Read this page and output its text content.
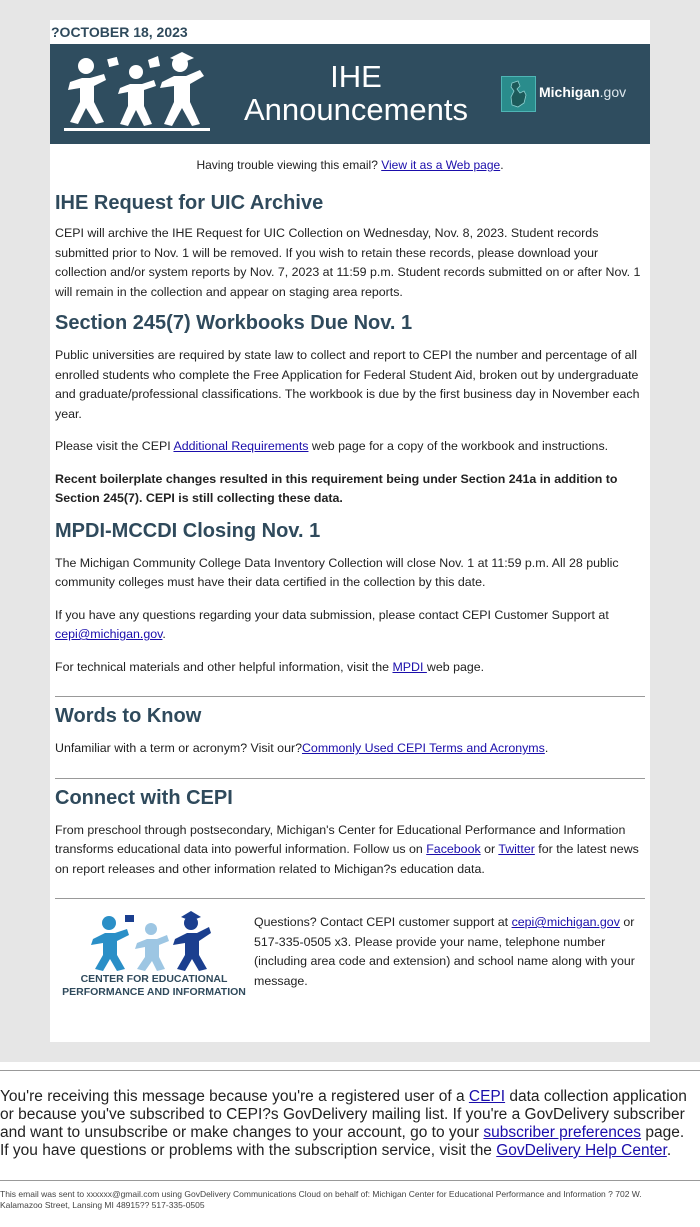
?OCTOBER 18, 2023
IHE
Announcements	Michigan.gov
Having trouble viewing this email? View it as a Web page.
IHE Request for UIC Archive

CEPI will archive the IHE Request for UIC Collection on Wednesday, Nov. 8, 2023. Student records submitted prior to Nov. 1 will be removed. If you wish to retain these records, please download your collection and/or system reports by Nov. 7, 2023 at 11:59 p.m. Student records submitted on or after Nov. 1 will remain in the collection and appear on staging area reports.

Section 245(7) Workbooks Due Nov. 1

Public universities are required by state law to collect and report to CEPI the number and percentage of all enrolled students who complete the Free Application for Federal Student Aid, broken out by undergraduate and graduate/professional classifications. The workbook is due by the first business day in November each year.

Please visit the CEPI Additional Requirements web page for a copy of the workbook and instructions.

Recent boilerplate changes resulted in this requirement being under Section 241a in addition to Section 245(7). CEPI is still collecting these data.

MPDI-MCCDI Closing Nov. 1

The Michigan Community College Data Inventory Collection will close Nov. 1 at 11:59 p.m. All 28 public community colleges must have their data certified in the collection by this date.

If you have any questions regarding your data submission, please contact CEPI Customer Support at cepi@michigan.gov.

For technical materials and other helpful information, visit the MPDI web page.

Words to Know

Unfamiliar with a term or acronym? Visit our?Commonly Used CEPI Terms and Acronyms.

Connect with CEPI

From preschool through postsecondary, Michigan's Center for Educational Performance and Information transforms educational data into powerful information. Follow us on Facebook or Twitter for the latest news on report releases and other information related to Michigan?s education data.

CENTER FOR EDUCATIONAL
PERFORMANCE AND INFORMATION
Questions? Contact CEPI customer support at cepi@michigan.gov or 517-335-0505 x3. Please provide your name, telephone number (including area code and extension) and school name along with your message.

You're receiving this message because you're a registered user of a CEPI data collection application or because you've subscribed to CEPI?s GovDelivery mailing list. If you're a GovDelivery subscriber and want to unsubscribe or make changes to your account, go to your subscriber preferences page. If you have questions or problems with the subscription service, visit the GovDelivery Help Center.

This email was sent to xxxxxx@gmail.com using GovDelivery Communications Cloud on behalf of: Michigan Center for Educational Performance and Information ? 702 W. Kalamazoo Street, Lansing MI 48915?? 517-335-0505
